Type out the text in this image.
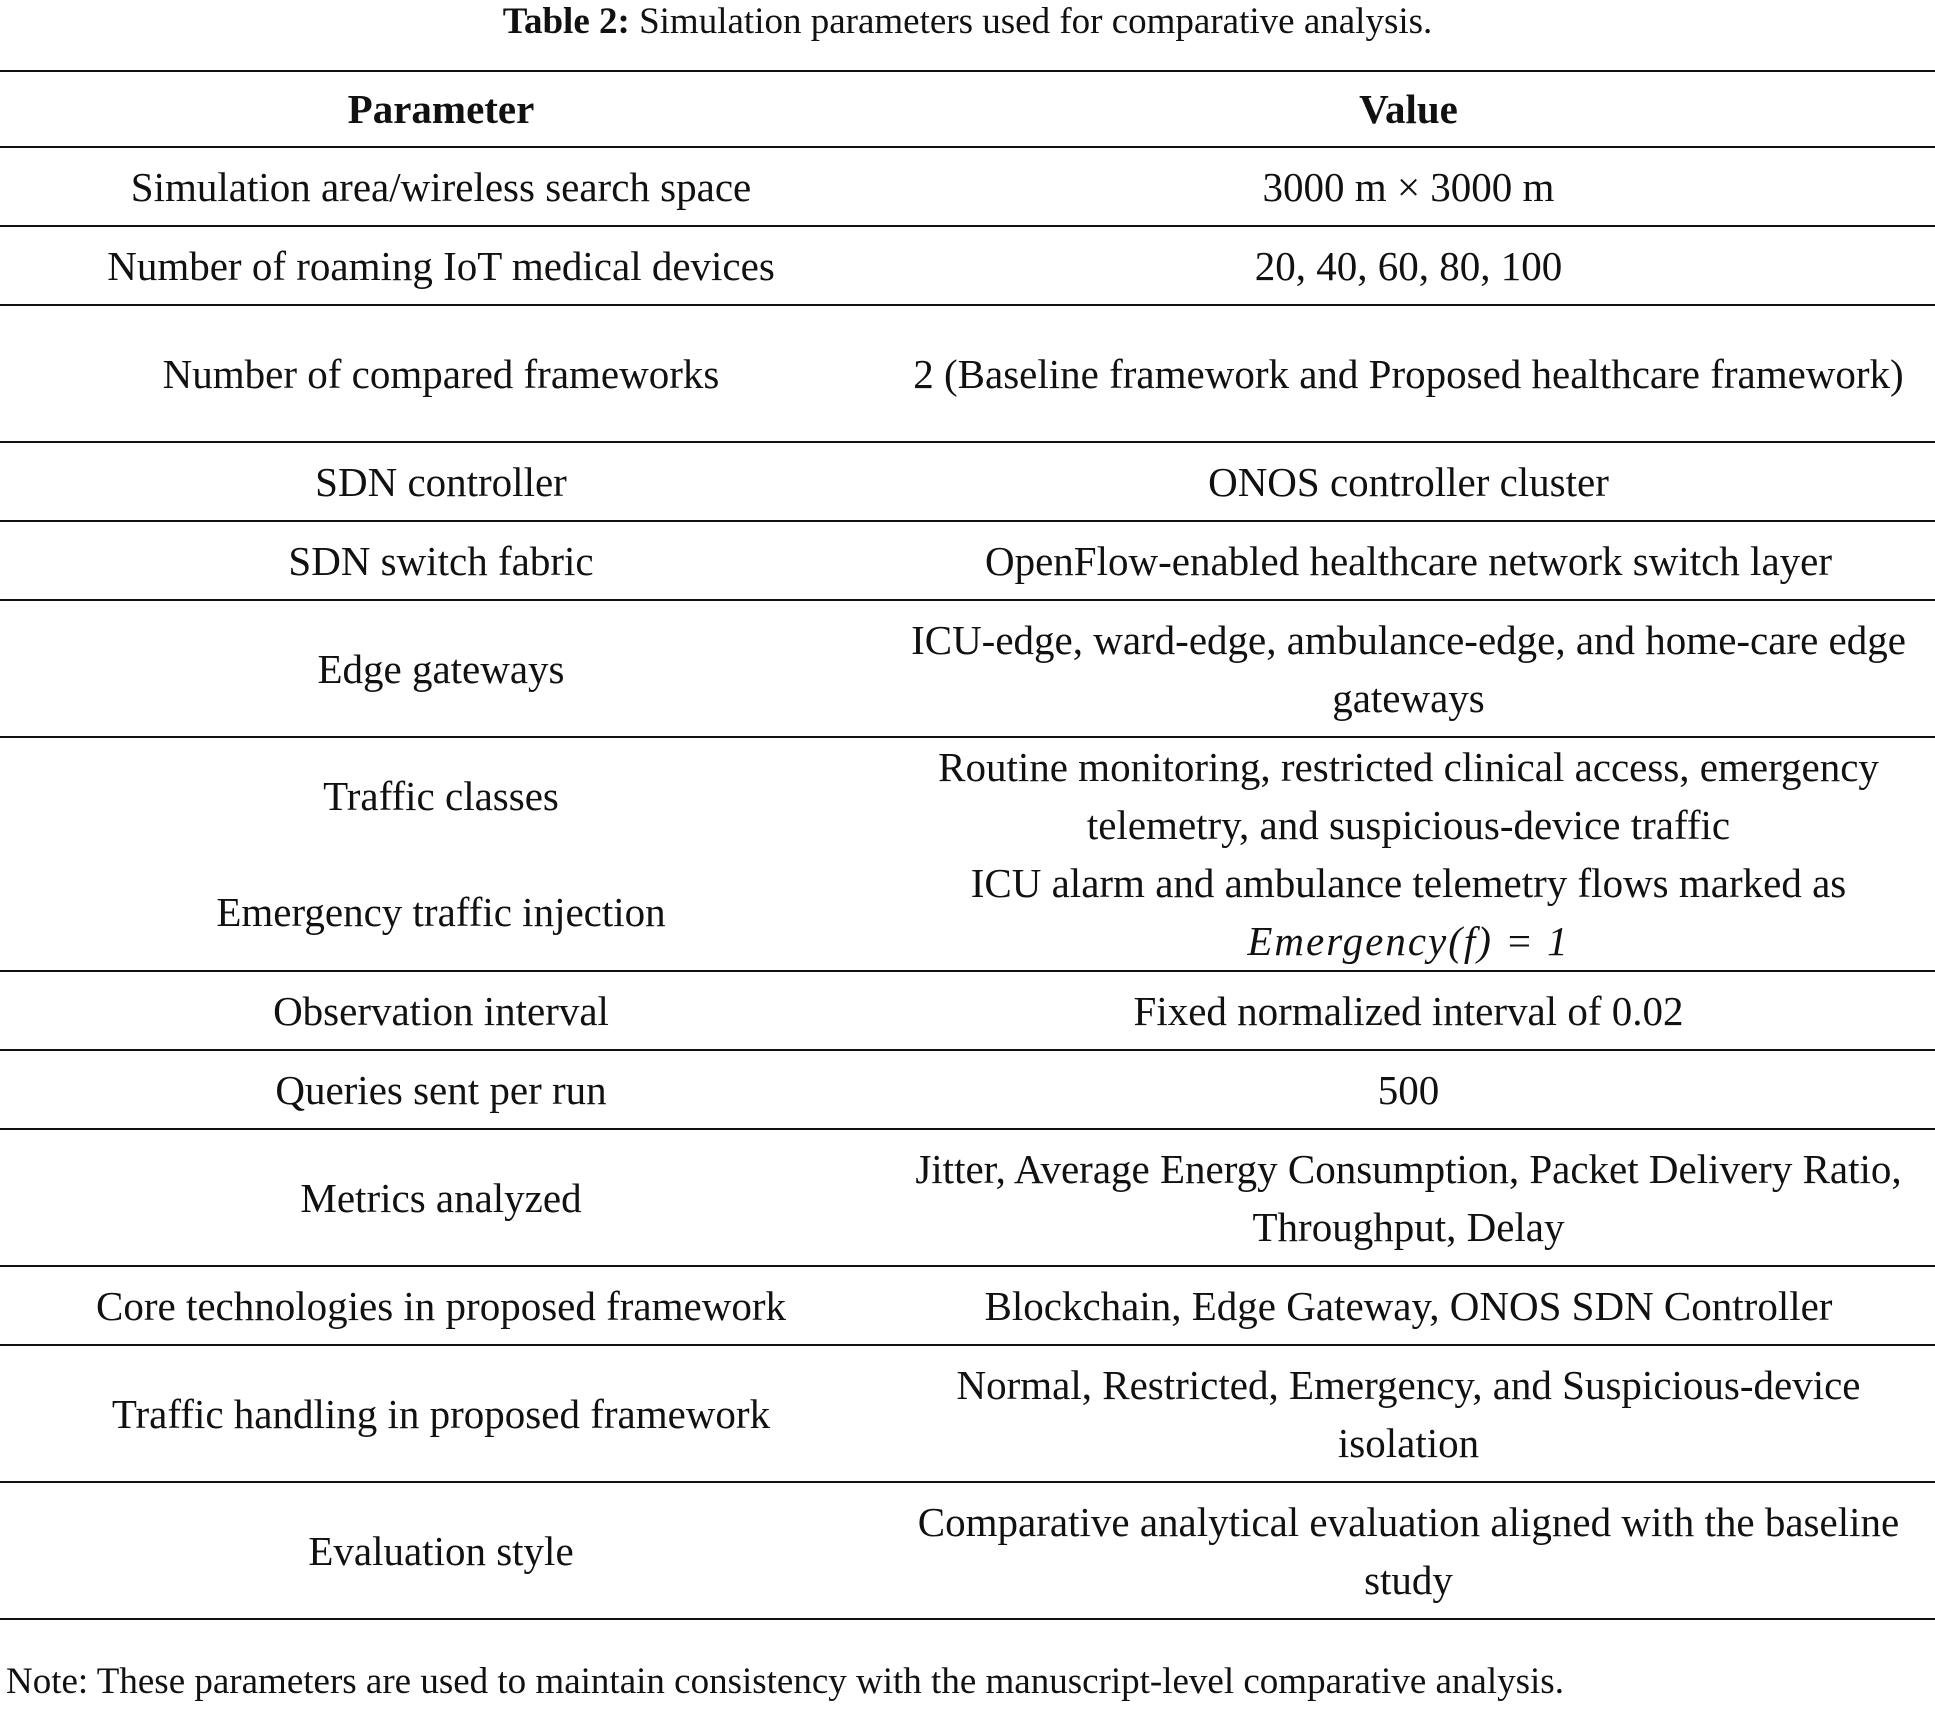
Table 2: Simulation parameters used for comparative analysis.
Parameter	Value
Simulation area/wireless search space	3000 m × 3000 m
Number of roaming IoT medical devices	20, 40, 60, 80, 100
Number of compared frameworks	2 (Baseline framework and Proposed healthcare framework)
SDN controller	ONOS controller cluster
SDN switch fabric	OpenFlow-enabled healthcare network switch layer
Edge gateways	ICU-edge, ward-edge, ambulance-edge, and home-care edge gateways
Traffic classes	Routine monitoring, restricted clinical access, emergency telemetry, and suspicious-device traffic
Emergency traffic injection	ICU alarm and ambulance telemetry flows marked as
Emergency(f) = 1
Observation interval	Fixed normalized interval of 0.02
Queries sent per run	500
Metrics analyzed	Jitter, Average Energy Consumption, Packet Delivery Ratio, Throughput, Delay
Core technologies in proposed framework	Blockchain, Edge Gateway, ONOS SDN Controller
Traffic handling in proposed framework	Normal, Restricted, Emergency, and Suspicious-device isolation
Evaluation style	Comparative analytical evaluation aligned with the baseline study
Note: These parameters are used to maintain consistency with the manuscript-level comparative analysis.
